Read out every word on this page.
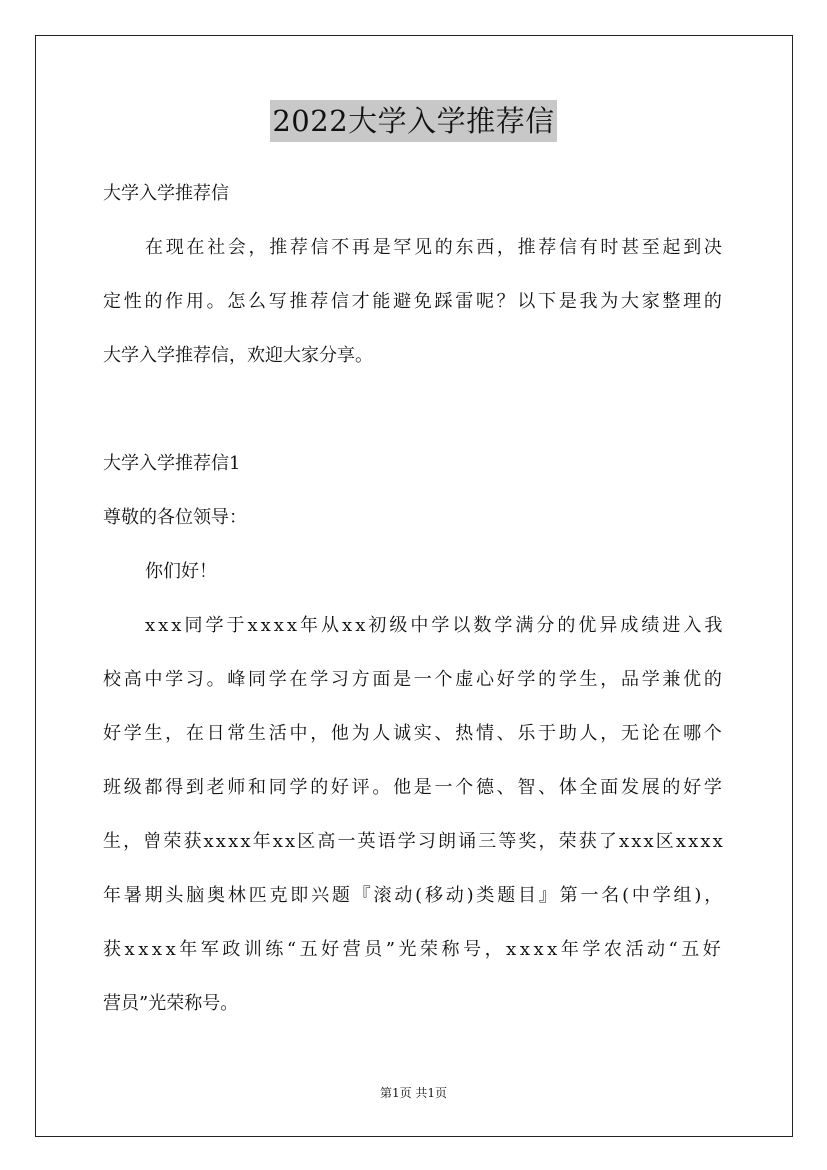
2022大学入学推荐信
大学入学推荐信
在现在社会，推荐信不再是罕见的东西，推荐信有时甚至起到决
定性的作用。怎么写推荐信才能避免踩雷呢？以下是我为大家整理的
大学入学推荐信，欢迎大家分享。
大学入学推荐信1
尊敬的各位领导：
你们好！
xxx同学于xxxx年从xx初级中学以数学满分的优异成绩进入我
校高中学习。峰同学在学习方面是一个虚心好学的学生，品学兼优的
好学生，在日常生活中，他为人诚实、热情、乐于助人，无论在哪个
班级都得到老师和同学的好评。他是一个德、智、体全面发展的好学
生，曾荣获xxxx年xx区高一英语学习朗诵三等奖，荣获了xxx区xxxx
年暑期头脑奥林匹克即兴题『滚动(移动)类题目』第一名(中学组)，
获xxxx年军政训练“五好营员”光荣称号，xxxx年学农活动“五好
营员”光荣称号。
第1页 共1页
